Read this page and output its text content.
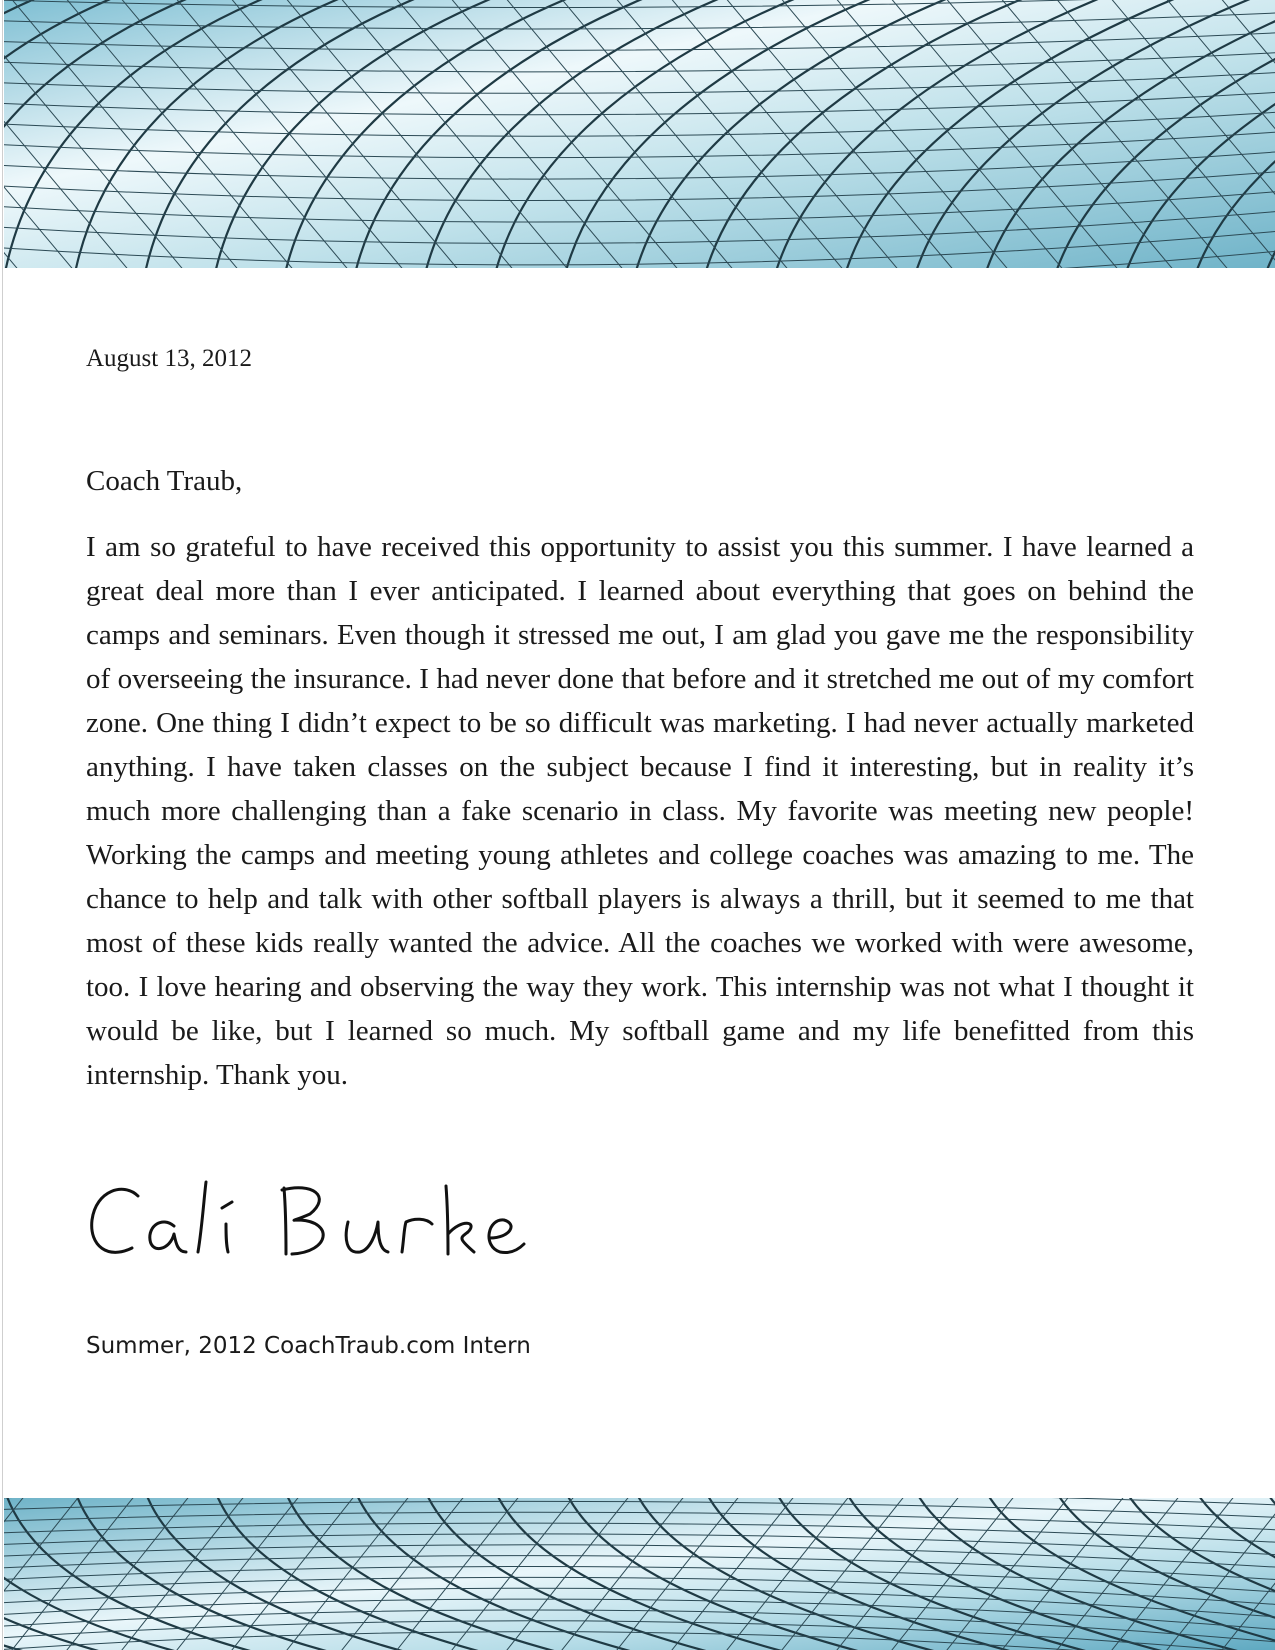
August 13, 2012
Coach Traub,

I am so grateful to have received this opportunity to assist you this summer. I have learned a great deal more than I ever anticipated. I learned about everything that goes on behind the camps and seminars. Even though it stressed me out, I am glad you gave me the responsibility of overseeing the insurance. I had never done that before and it stretched me out of my comfort zone. One thing I didn’t expect to be so difficult was marketing. I had never actually marketed anything. I have taken classes on the subject because I find it interesting, but in reality it’s much more challenging than a fake scenario in class. My favorite was meeting new people! Working the camps and meeting young athletes and college coaches was amazing to me. The chance to help and talk with other softball players is always a thrill, but it seemed to me that most of these kids really wanted the advice. All the coaches we worked with were awesome, too. I love hearing and observing the way they work. This internship was not what I thought it would be like, but I learned so much. My softball game and my life benefitted from this internship. Thank you.

Summer, 2012 CoachTraub.com Intern
